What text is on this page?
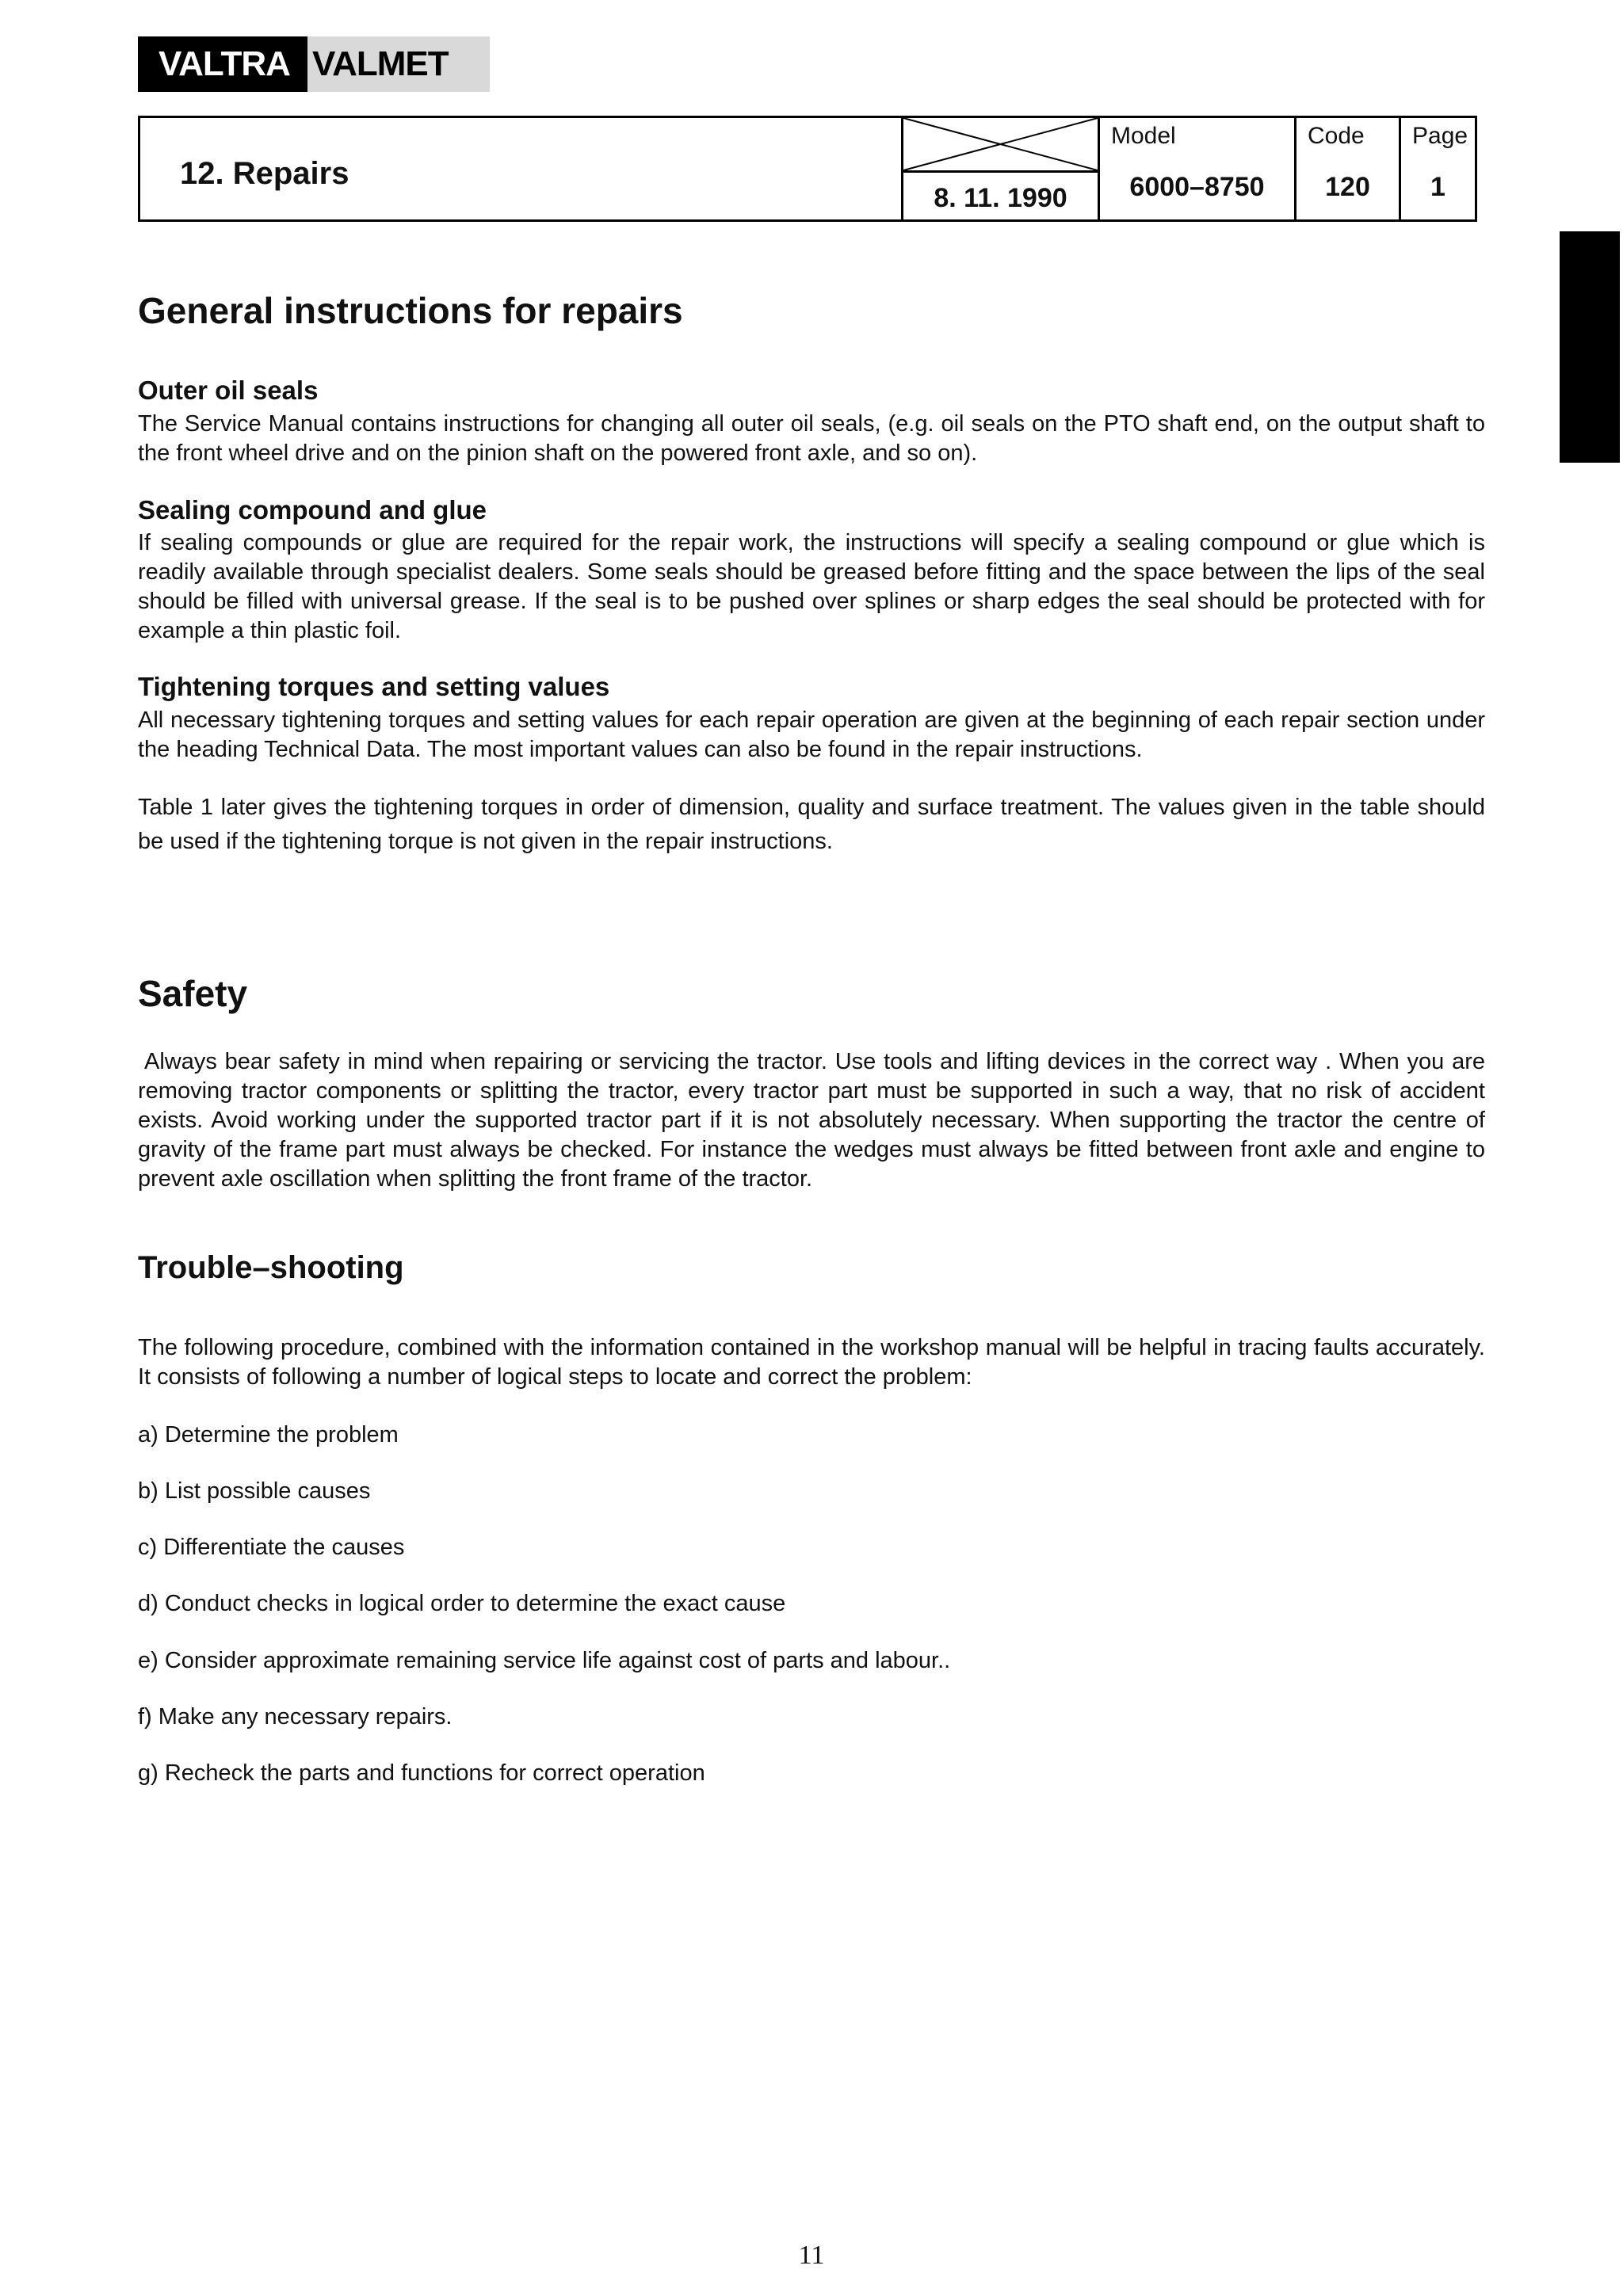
VALTRA VALMET
12. Repairs
8. 11. 1990
Model
6000–8750
Code
120
Page
1
General instructions for repairs
Outer oil seals
The Service Manual contains instructions for changing all outer oil seals, (e.g. oil seals on the PTO shaft end, on the output shaft to the front wheel drive and on the pinion shaft on the powered front axle, and so on).
Sealing compound and glue
If sealing compounds or glue are required for the repair work, the instructions will specify a sealing compound or glue which is readily available through specialist dealers. Some seals should be greased before fitting and the space between the lips of the seal should be filled with universal grease. If the seal is to be pushed over splines or sharp edges the seal should be protected with for example a thin plastic foil.
Tightening torques and setting values
All necessary tightening torques and setting values for each repair operation are given at the beginning of each repair section under the heading Technical Data. The most important values can also be found in the repair instructions.
Table 1 later gives the tightening torques in order of dimension, quality and surface treatment. The values given in the table should be used if the tightening torque is not given in the repair instructions.
Safety
Always bear safety in mind when repairing or servicing the tractor. Use tools and lifting devices in the correct way . When you are removing tractor components or splitting the tractor, every tractor part must be supported in such a way, that no risk of accident exists. Avoid working under the supported tractor part if it is not absolutely necessary. When supporting the tractor the centre of gravity of the frame part must always be checked. For instance the wedges must always be fitted between front axle and engine to prevent axle oscillation when splitting the front frame of the tractor.
Trouble–shooting
The following procedure, combined with the information contained in the workshop manual will be helpful in tracing faults accurately. It consists of following a number of logical steps to locate and correct the problem:
a) Determine the problem
b) List possible causes
c) Differentiate the causes
d) Conduct checks in logical order to determine the exact cause
e) Consider approximate remaining service life against cost of parts and labour..
f) Make any necessary repairs.
g) Recheck the parts and functions for correct operation
11
